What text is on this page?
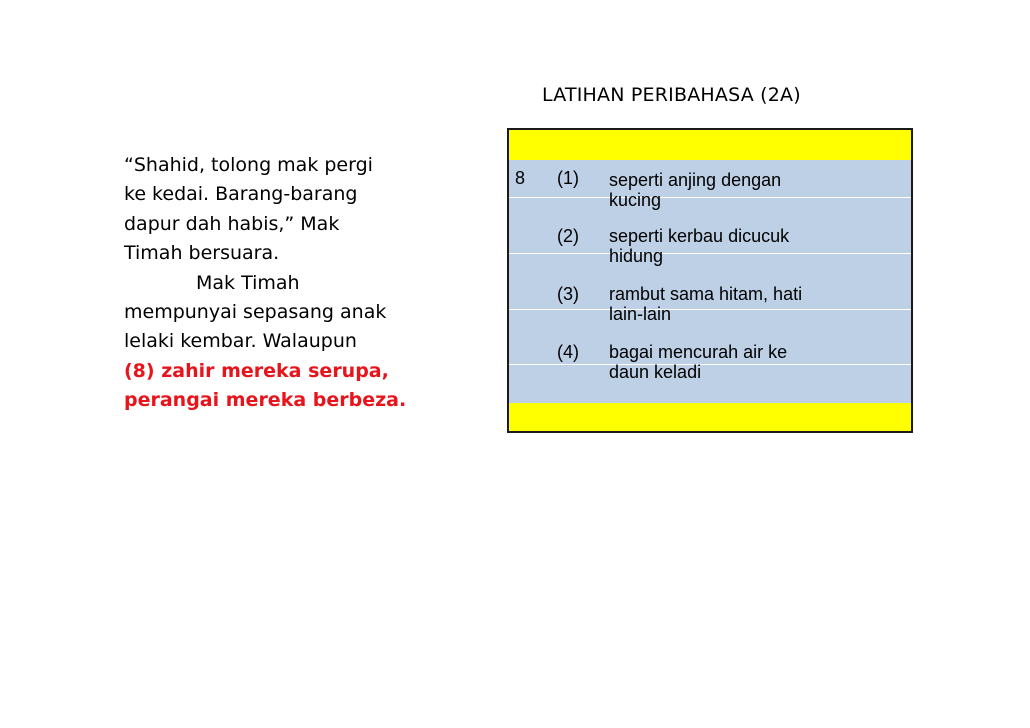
LATIHAN PERIBAHASA (2A)
“Shahid, tolong mak pergi
ke kedai. Barang-barang
dapur dah habis,” Mak
Timah bersuara.
Mak Timah
mempunyai sepasang anak
lelaki kembar. Walaupun
(8) zahir mereka serupa,
perangai mereka berbeza.
8 (1) seperti anjing dengan
kucing
(2) seperti kerbau dicucuk
hidung
(3) rambut sama hitam, hati
lain-lain
(4) bagai mencurah air ke
daun keladi
